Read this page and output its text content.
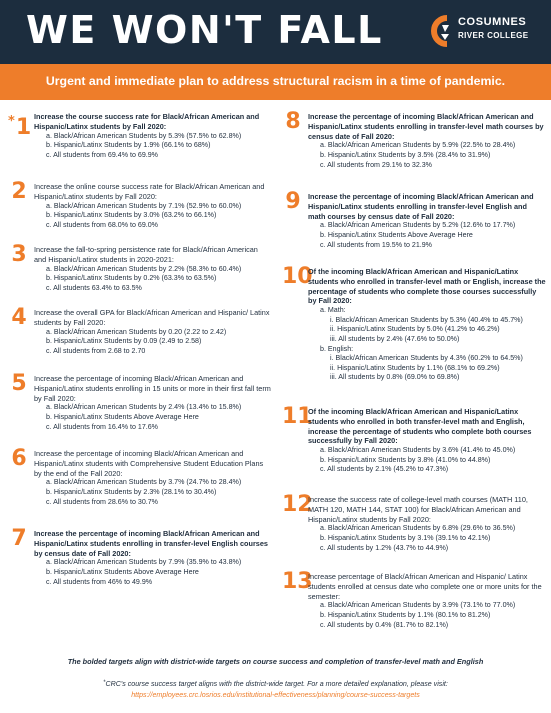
WE WON'T FALL	COSUMNES
RIVER COLLEGE
Urgent and immediate plan to address structural racism in a time of pandemic.
* 1 Increase the course success rate for Black/African American and Hispanic/Latinx students by Fall 2020:
a. Black/African American Students by 5.3% (57.5% to 62.8%)
b. Hispanic/Latinx Students by 1.9% (66.1% to 68%)
c. All students from 69.4% to 69.9%
2	Increase the online course success rate for Black/African American and Hispanic/Latinx students by Fall 2020:
a. Black/African American Students by 7.1% (52.9% to 60.0%)
b. Hispanic/Latinx Students by 3.0% (63.2% to 66.1%)
c. All students from 68.0% to 69.0%
3	Increase the fall-to-spring persistence rate for Black/African American and Hispanic/Latinx students in 2020-2021:
a. Black/African American Students by 2.2% (58.3% to 60.4%)
b. Hispanic/Latinx Students by 0.2% (63.3% to 63.5%)
c. All students 63.4% to 63.5%
4	Increase the overall GPA for Black/African American and Hispanic/ Latinx students by Fall 2020:
a. Black/African American Students by 0.20 (2.22 to 2.42)
b. Hispanic/Latinx Students by 0.09 (2.49 to 2.58)
c. All students from 2.68 to 2.70
5	Increase the percentage of incoming Black/African American and Hispanic/Latinx students enrolling in 15 units or more in their first fall term by Fall 2020:
a. Black/African American Students by 2.4% (13.4% to 15.8%)
b. Hispanic/Latinx Students Above Average Here
c. All students from 16.4% to 17.6%
6	Increase the percentage of incoming Black/African American and Hispanic/Latinx students with Comprehensive Student Education Plans by the end of the Fall 2020:
a. Black/African American Students by 3.7% (24.7% to 28.4%)
b. Hispanic/Latinx Students by 2.3% (28.1% to 30.4%)
c. All students from 28.6% to 30.7%
7	Increase the percentage of incoming Black/African American and Hispanic/Latinx students enrolling in transfer-level English courses by census date of Fall 2020:
a. Black/African American Students by 7.9% (35.9% to 43.8%)
b. Hispanic/Latinx Students Above Average Here
c. All students from 46% to 49.9%
8	Increase the percentage of incoming Black/African American and Hispanic/Latinx students enrolling in transfer-level math courses by census date of Fall 2020:
a. Black/African American Students by 5.9% (22.5% to 28.4%)
b. Hispanic/Latinx Students by 3.5% (28.4% to 31.9%)
c. All students from 29.1% to 32.3%
9	Increase the percentage of incoming Black/African American and Hispanic/Latinx students enrolling in transfer-level English and math courses by census date of Fall 2020:
a. Black/African American Students by 5.2% (12.6% to 17.7%)
b. Hispanic/Latinx Students Above Average Here
c. All students from 19.5% to 21.9%
10
Of the incoming Black/African American and Hispanic/Latinx students who enrolled in transfer-level math or English, increase the percentage of students who complete those courses successfully by Fall 2020:
a. Math:
i. Black/African American Students by 5.3% (40.4% to 45.7%)
ii. Hispanic/Latinx Students by 5.0% (41.2% to 46.2%)
iii. All students by 2.4% (47.6% to 50.0%)
b. English:
i. Black/African American Students by 4.3% (60.2% to 64.5%)
ii. Hispanic/Latinx Students by 1.1% (68.1% to 69.2%)
iii. All students by 0.8% (69.0% to 69.8%)
11
Of the incoming Black/African American and Hispanic/Latinx students who enrolled in both transfer-level math and English, increase the percentage of students who complete both courses successfully by Fall 2020:
a. Black/African American Students by 3.6% (41.4% to 45.0%)
b. Hispanic/Latinx Students by 3.8% (41.0% to 44.8%)
c. All students by 2.1% (45.2% to 47.3%)
12
Increase the success rate of college-level math courses (MATH 110, MATH 120, MATH 144, STAT 100) for Black/African American and Hispanic/Latinx students by Fall 2020:
a. Black/African American Students by 6.8% (29.6% to 36.5%)
b. Hispanic/Latinx Students by 3.1% (39.1% to 42.1%)
c. All students by 1.2% (43.7% to 44.9%)
13
Increase percentage of Black/African American and Hispanic/ Latinx students enrolled at census date who complete one or more units for the semester:
a. Black/African American Students by 3.9% (73.1% to 77.0%)
b. Hispanic/Latinx Students by 1.1% (80.1% to 81.2%)
c. All students by 0.4% (81.7% to 82.1%)
The bolded targets align with district-wide targets on course success and completion of transfer-level math and English
*CRC's course success target aligns with the district-wide target. For a more detailed explanation, please visit:
https://employees.crc.losrios.edu/institutional-effectiveness/planning/course-success-targets
